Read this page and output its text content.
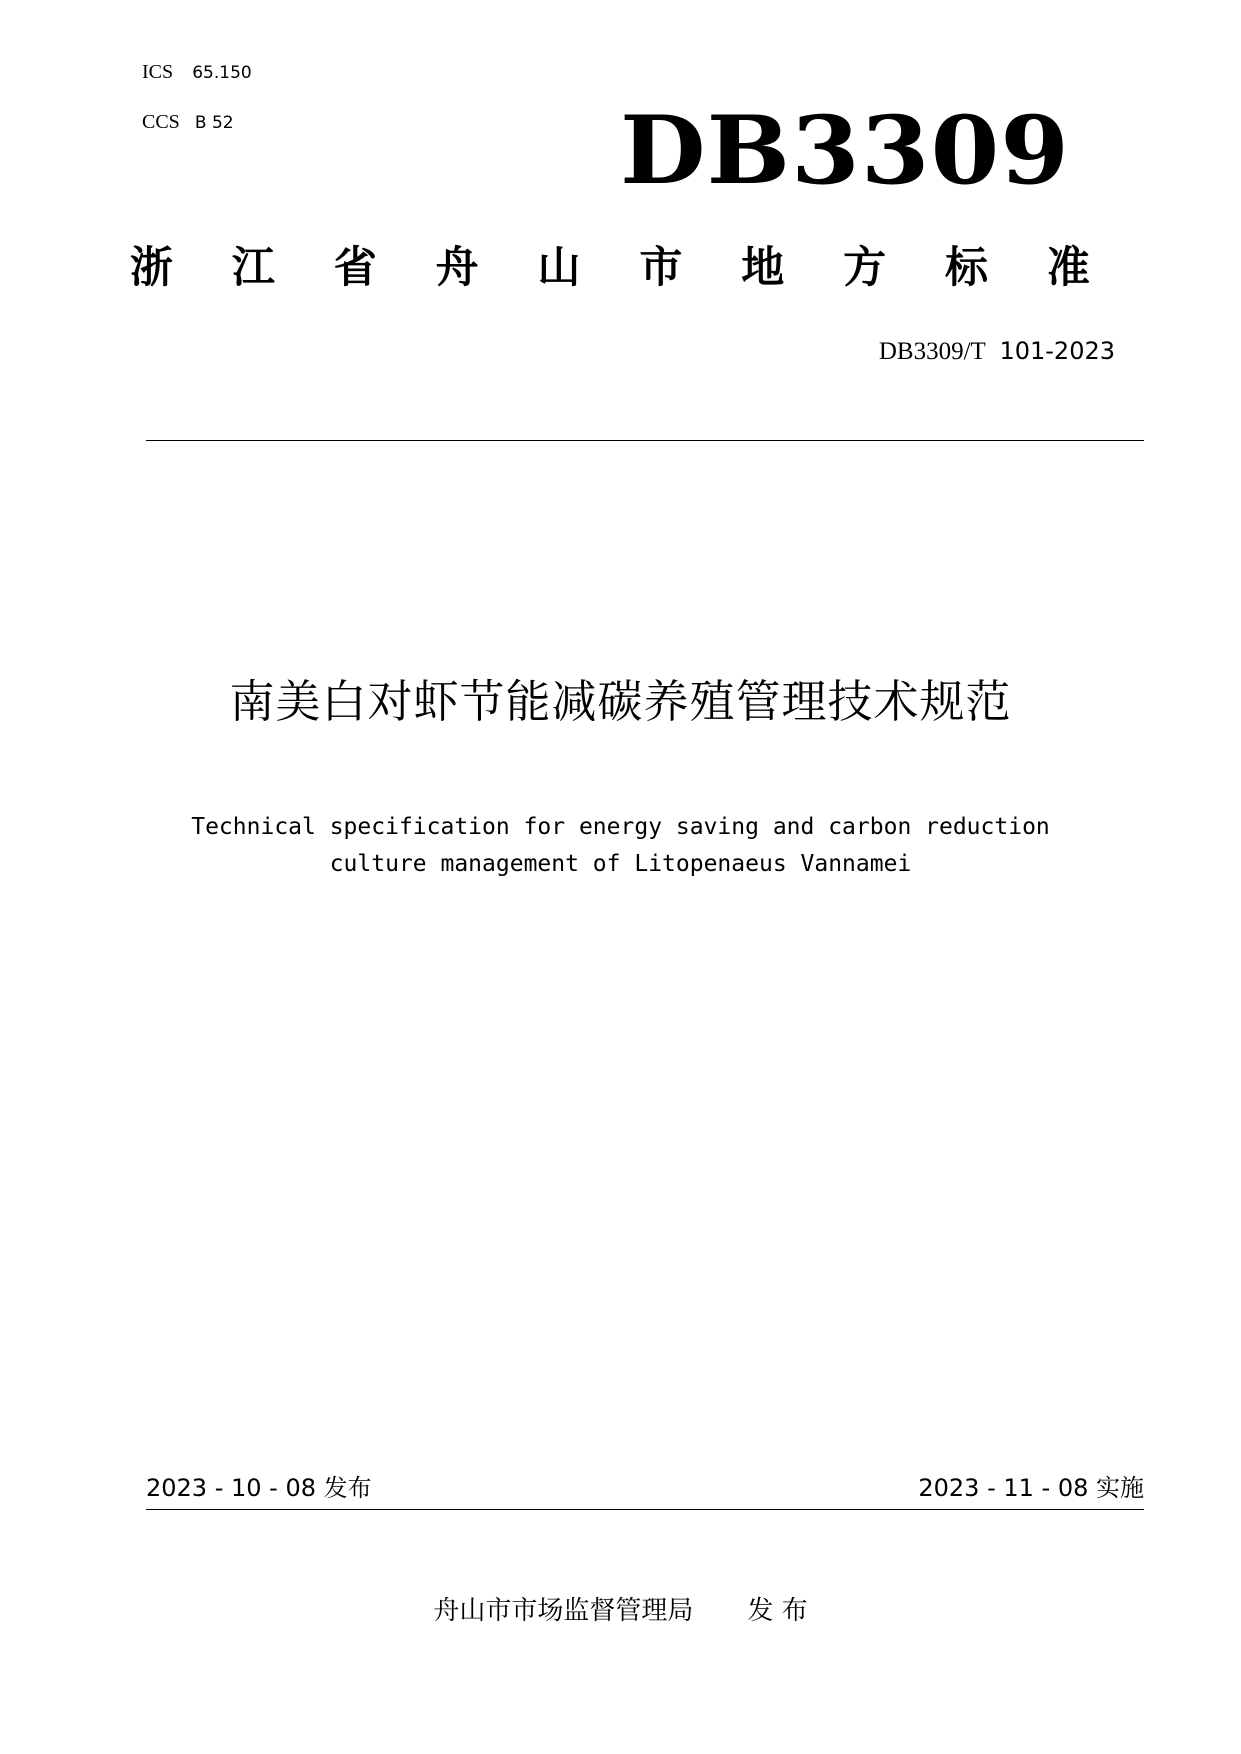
ICS 65.150
CCS B 52	DB3309
浙 江 省 舟 山 市 地 方 标 准
DB3309/T 101-2023
南美白对虾节能减碳养殖管理技术规范
Technical specification for energy saving and carbon reduction
culture management of Litopenaeus Vannamei
2023 - 10 - 08 发布	2023 - 11 - 08 实施
舟山市市场监督管理局 发 布
